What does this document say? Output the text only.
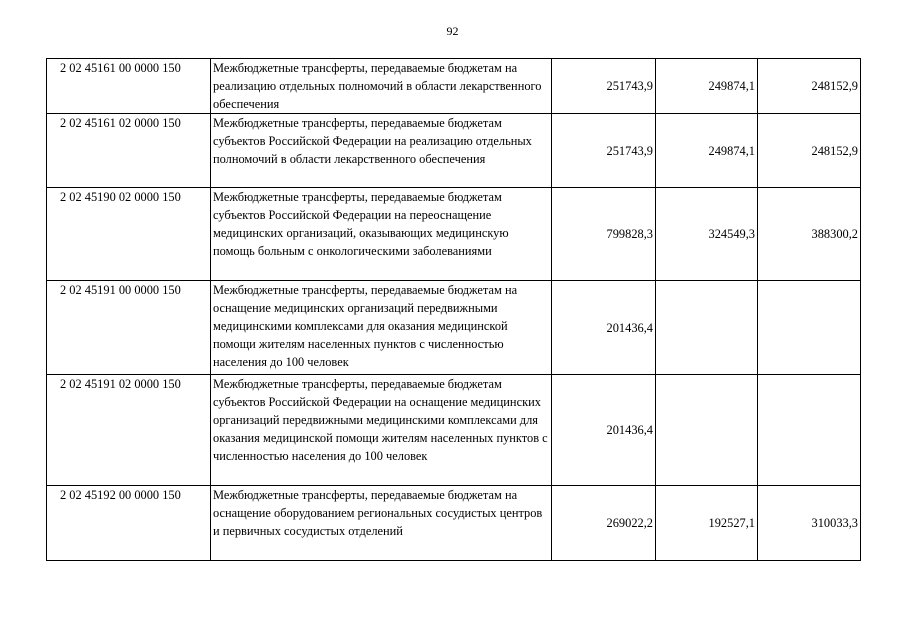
92
2 02 45161 00 0000 150	Межбюджетные трансферты, передаваемые бюджетам на реализацию отдельных полномочий в области лекарственного обеспечения	251743,9	249874,1	248152,9
2 02 45161 02 0000 150	Межбюджетные трансферты, передаваемые бюджетам субъектов Российской Федерации на реализацию отдельных полномочий в области лекарственного обеспечения	251743,9	249874,1	248152,9
2 02 45190 02 0000 150	Межбюджетные трансферты, передаваемые бюджетам субъектов Российской Федерации на переоснащение медицинских организаций, оказывающих медицинскую помощь больным с онкологическими заболеваниями	799828,3	324549,3	388300,2
2 02 45191 00 0000 150	Межбюджетные трансферты, передаваемые бюджетам на оснащение медицинских организаций передвижными медицинскими комплексами для оказания медицинской помощи жителям населенных пунктов с численностью населения до 100 человек	201436,4		
2 02 45191 02 0000 150	Межбюджетные трансферты, передаваемые бюджетам субъектов Российской Федерации на оснащение медицинских организаций передвижными медицинскими комплексами для оказания медицинской помощи жителям населенных пунктов с численностью населения до 100 человек	201436,4		
2 02 45192 00 0000 150	Межбюджетные трансферты, передаваемые бюджетам на оснащение оборудованием региональных сосудистых центров и первичных сосудистых отделений	269022,2	192527,1	310033,3
